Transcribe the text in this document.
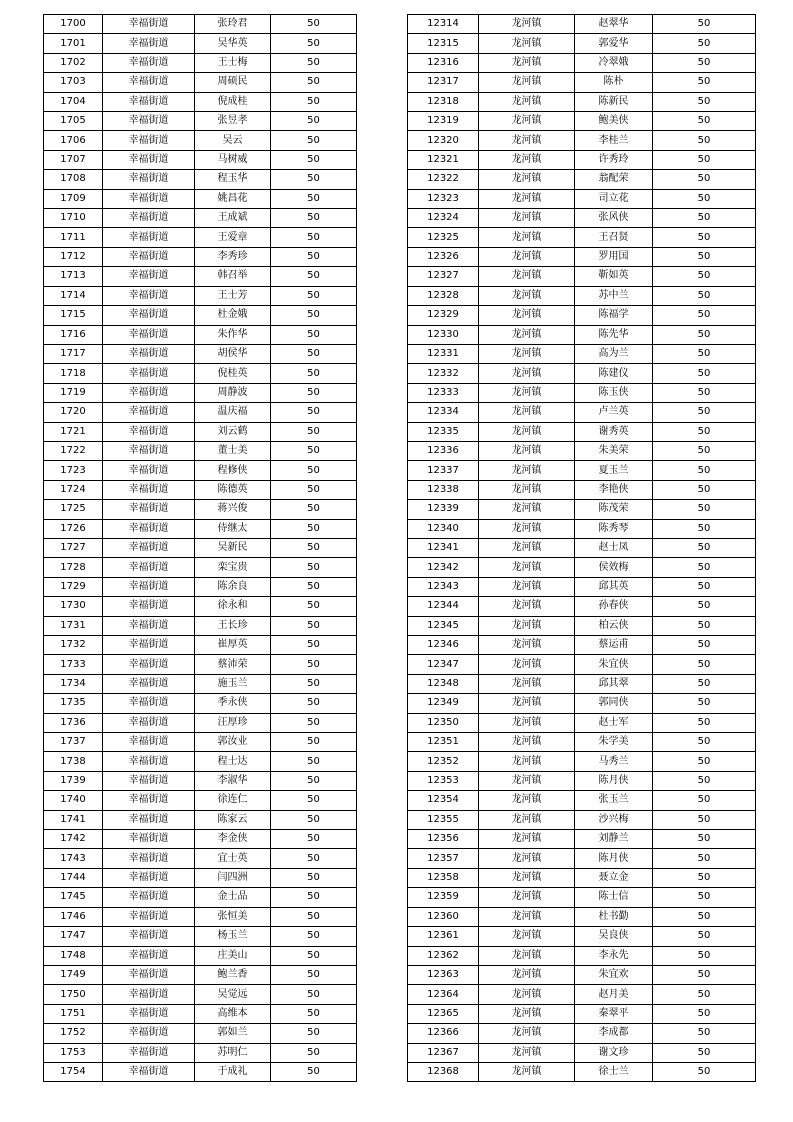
1700	幸福街道	张玲君	50
1701	幸福街道	吴华英	50
1702	幸福街道	王士梅	50
1703	幸福街道	周硕民	50
1704	幸福街道	倪成桂	50
1705	幸福街道	张昱孝	50
1706	幸福街道	吴云	50
1707	幸福街道	马树威	50
1708	幸福街道	程玉华	50
1709	幸福街道	姚昌花	50
1710	幸福街道	王成斌	50
1711	幸福街道	王爱章	50
1712	幸福街道	李秀珍	50
1713	幸福街道	韩召举	50
1714	幸福街道	王士芳	50
1715	幸福街道	杜金娥	50
1716	幸福街道	朱作华	50
1717	幸福街道	胡侯华	50
1718	幸福街道	倪桂英	50
1719	幸福街道	周静波	50
1720	幸福街道	温庆福	50
1721	幸福街道	刘云鹤	50
1722	幸福街道	董士美	50
1723	幸福街道	程修侠	50
1724	幸福街道	陈德英	50
1725	幸福街道	蒋兴俊	50
1726	幸福街道	侍继太	50
1727	幸福街道	吴新民	50
1728	幸福街道	栾宝贵	50
1729	幸福街道	陈余良	50
1730	幸福街道	徐永和	50
1731	幸福街道	王长珍	50
1732	幸福街道	崔厚英	50
1733	幸福街道	蔡沛荣	50
1734	幸福街道	施玉兰	50
1735	幸福街道	季永侠	50
1736	幸福街道	汪厚珍	50
1737	幸福街道	郭汝业	50
1738	幸福街道	程士达	50
1739	幸福街道	李淑华	50
1740	幸福街道	徐连仁	50
1741	幸福街道	陈家云	50
1742	幸福街道	李金侠	50
1743	幸福街道	宜士英	50
1744	幸福街道	闫四洲	50
1745	幸福街道	金士品	50
1746	幸福街道	张恒美	50
1747	幸福街道	杨玉兰	50
1748	幸福街道	庄美山	50
1749	幸福街道	鲍兰香	50
1750	幸福街道	吴觉远	50
1751	幸福街道	高维本	50
1752	幸福街道	郭如兰	50
1753	幸福街道	苏明仁	50
1754	幸福街道	于成礼	50
12314	龙河镇	赵翠华	50
12315	龙河镇	郭爱华	50
12316	龙河镇	冷翠娥	50
12317	龙河镇	陈朴	50
12318	龙河镇	陈新民	50
12319	龙河镇	鲍美侠	50
12320	龙河镇	李桂兰	50
12321	龙河镇	许秀玲	50
12322	龙河镇	翁配荣	50
12323	龙河镇	司立花	50
12324	龙河镇	张风侠	50
12325	龙河镇	王召贤	50
12326	龙河镇	罗用国	50
12327	龙河镇	靳如英	50
12328	龙河镇	苏中兰	50
12329	龙河镇	陈福学	50
12330	龙河镇	陈先华	50
12331	龙河镇	高为兰	50
12332	龙河镇	陈建仪	50
12333	龙河镇	陈玉侠	50
12334	龙河镇	卢兰英	50
12335	龙河镇	谢秀英	50
12336	龙河镇	朱美荣	50
12337	龙河镇	夏玉兰	50
12338	龙河镇	李艳侠	50
12339	龙河镇	陈茂荣	50
12340	龙河镇	陈秀琴	50
12341	龙河镇	赵士凤	50
12342	龙河镇	侯效梅	50
12343	龙河镇	邱其英	50
12344	龙河镇	孙春侠	50
12345	龙河镇	柏云侠	50
12346	龙河镇	蔡运甫	50
12347	龙河镇	朱宜侠	50
12348	龙河镇	邱其翠	50
12349	龙河镇	郭同侠	50
12350	龙河镇	赵士军	50
12351	龙河镇	朱学美	50
12352	龙河镇	马秀兰	50
12353	龙河镇	陈月侠	50
12354	龙河镇	张玉兰	50
12355	龙河镇	沙兴梅	50
12356	龙河镇	刘静兰	50
12357	龙河镇	陈月侠	50
12358	龙河镇	聂立金	50
12359	龙河镇	陈士信	50
12360	龙河镇	杜书勤	50
12361	龙河镇	吴良侠	50
12362	龙河镇	李永先	50
12363	龙河镇	朱宜欢	50
12364	龙河镇	赵月美	50
12365	龙河镇	秦翠平	50
12366	龙河镇	李成都	50
12367	龙河镇	谢文珍	50
12368	龙河镇	徐士兰	50
